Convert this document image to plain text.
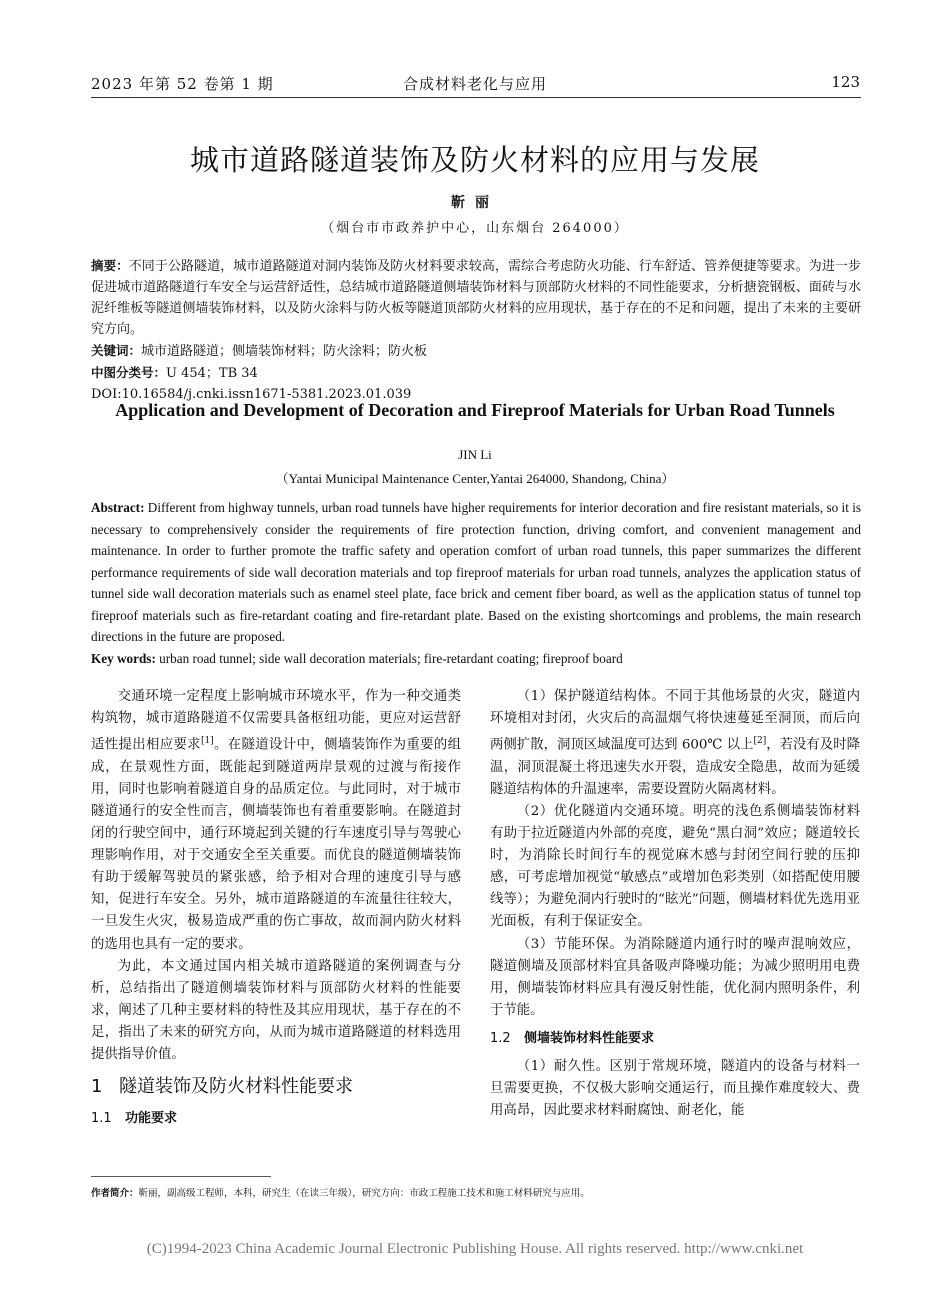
2023 年第 52 卷第 1 期	合成材料老化与应用	123
城市道路隧道装饰及防火材料的应用与发展
靳丽
（烟台市市政养护中心，山东烟台 264000）
摘要：不同于公路隧道，城市道路隧道对洞内装饰及防火材料要求较高，需综合考虑防火功能、行车舒适、管养便捷等要求。为进一步促进城市道路隧道行车安全与运营舒适性，总结城市道路隧道侧墙装饰材料与顶部防火材料的不同性能要求，分析搪瓷钢板、面砖与水泥纤维板等隧道侧墙装饰材料，以及防火涂料与防火板等隧道顶部防火材料的应用现状，基于存在的不足和问题，提出了未来的主要研究方向。
关键词：城市道路隧道；侧墙装饰材料；防火涂料；防火板
中图分类号：U 454；TB 34
DOI:10.16584/j.cnki.issn1671-5381.2023.01.039
Application and Development of Decoration and Fireproof Materials for Urban Road Tunnels
JIN Li
（Yantai Municipal Maintenance Center,Yantai 264000, Shandong, China）
Abstract: Different from highway tunnels, urban road tunnels have higher requirements for interior decoration and fire resistant materials, so it is necessary to comprehensively consider the requirements of fire protection function, driving comfort, and convenient management and maintenance. In order to further promote the traffic safety and operation comfort of urban road tunnels, this paper summarizes the different performance requirements of side wall decoration materials and top fireproof materials for urban road tunnels, analyzes the application status of tunnel side wall decoration materials such as enamel steel plate, face brick and cement fiber board, as well as the application status of tunnel top fireproof materials such as fire-retardant coating and fire-retardant plate. Based on the existing shortcomings and problems, the main research directions in the future are proposed.
Key words: urban road tunnel; side wall decoration materials; fire-retardant coating; fireproof board

交通环境一定程度上影响城市环境水平，作为一种交通类构筑物，城市道路隧道不仅需要具备枢纽功能，更应对运营舒适性提出相应要求[1]。在隧道设计中，侧墙装饰作为重要的组成，在景观性方面，既能起到隧道两岸景观的过渡与衔接作用，同时也影响着隧道自身的品质定位。与此同时，对于城市隧道通行的安全性而言，侧墙装饰也有着重要影响。在隧道封闭的行驶空间中，通行环境起到关键的行车速度引导与驾驶心理影响作用，对于交通安全至关重要。而优良的隧道侧墙装饰有助于缓解驾驶员的紧张感，给予相对合理的速度引导与感知，促进行车安全。另外，城市道路隧道的车流量往往较大，一旦发生火灾，极易造成严重的伤亡事故，故而洞内防火材料的选用也具有一定的要求。

为此，本文通过国内相关城市道路隧道的案例调查与分析，总结指出了隧道侧墙装饰材料与顶部防火材料的性能要求，阐述了几种主要材料的特性及其应用现状，基于存在的不足，指出了未来的研究方向，从而为城市道路隧道的材料选用提供指导价值。

1 隧道装饰及防火材料性能要求
1.1 功能要求

（1）保护隧道结构体。不同于其他场景的火灾，隧道内环境相对封闭，火灾后的高温烟气将快速蔓延至洞顶，而后向两侧扩散，洞顶区域温度可达到 600℃ 以上[2]，若没有及时降温，洞顶混凝土将迅速失水开裂，造成安全隐患，故而为延缓隧道结构体的升温速率，需要设置防火隔离材料。

（2）优化隧道内交通环境。明亮的浅色系侧墙装饰材料有助于拉近隧道内外部的亮度，避免“黑白洞”效应；隧道较长时，为消除长时间行车的视觉麻木感与封闭空间行驶的压抑感，可考虑增加视觉“敏感点”或增加色彩类别（如搭配使用腰线等）；为避免洞内行驶时的“眩光”问题，侧墙材料优先选用亚光面板，有利于保证安全。

（3）节能环保。为消除隧道内通行时的噪声混响效应，隧道侧墙及顶部材料宜具备吸声降噪功能；为减少照明用电费用，侧墙装饰材料应具有漫反射性能，优化洞内照明条件，利于节能。

1.2 侧墙装饰材料性能要求

（1）耐久性。区别于常规环境，隧道内的设备与材料一旦需要更换，不仅极大影响交通运行，而且操作难度较大、费用高昂，因此要求材料耐腐蚀、耐老化，能

作者简介：靳丽，副高级工程师，本科，研究生（在读三年级），研究方向：市政工程施工技术和施工材料研究与应用。
(C)1994-2023 China Academic Journal Electronic Publishing House. All rights reserved. http://www.cnki.net
